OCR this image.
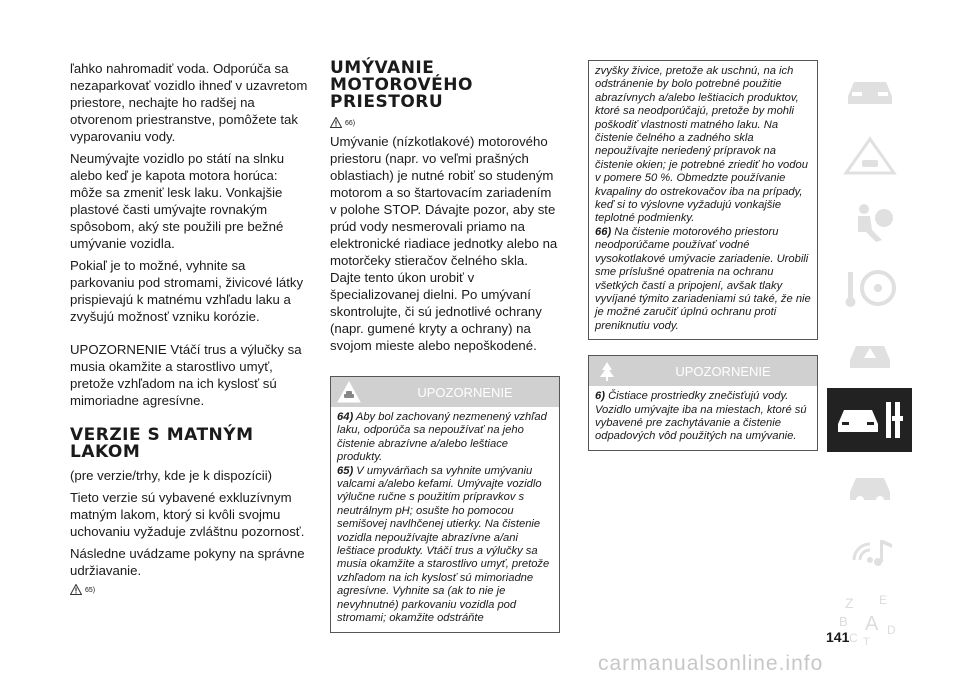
ľahko nahromadiť voda. Odporúča sa nezaparkovať vozidlo ihneď v uzavretom priestore, nechajte ho radšej na otvorenom priestranstve, pomôžete tak vyparovaniu vody.

Neumývajte vozidlo po státí na slnku alebo keď je kapota motora horúca: môže sa zmeniť lesk laku. Vonkajšie plastové časti umývajte rovnakým spôsobom, aký ste použili pre bežné umývanie vozidla.

Pokiaľ je to možné, vyhnite sa parkovaniu pod stromami, živicové látky prispievajú k matnému vzhľadu laku a zvyšujú možnosť vzniku korózie.

UPOZORNENIE Vtáčí trus a výlučky sa musia okamžite a starostlivo umyť, pretože vzhľadom na ich kyslosť sú mimoriadne agresívne.

VERZIE S MATNÝM LAKOM

(pre verzie/trhy, kde je k dispozícii)

Tieto verzie sú vybavené exkluzívnym matným lakom, ktorý si kvôli svojmu uchovaniu vyžaduje zvláštnu pozornosť.

Následne uvádzame pokyny na správne udržiavanie.

65)
UMÝVANIE MOTOROVÉHO PRIESTORU
66)

Umývanie (nízkotlakové) motorového priestoru (napr. vo veľmi prašných oblastiach) je nutné robiť so studeným motorom a so štartovacím zariadením v polohe STOP. Dávajte pozor, aby ste prúd vody nesmerovali priamo na elektronické riadiace jednotky alebo na motorčeky stieračov čelného skla. Dajte tento úkon urobiť v špecializovanej dielni. Po umývaní skontrolujte, či sú jednotlivé ochrany (napr. gumené kryty a ochrany) na svojom mieste alebo nepoškodené.

UPOZORNENIE
64) Aby bol zachovaný nezmenený vzhľad laku, odporúča sa nepoužívať na jeho čistenie abrazívne a/alebo leštiace produkty.
65) V umyvárňach sa vyhnite umývaniu valcami a/alebo kefami. Umývajte vozidlo výlučne ručne s použitím prípravkov s neutrálnym pH; osušte ho pomocou semišovej navlhčenej utierky. Na čistenie vozidla nepoužívajte abrazívne a/ani leštiace produkty. Vtáčí trus a výlučky sa musia okamžite a starostlivo umyť, pretože vzhľadom na ich kyslosť sú mimoriadne agresívne. Vyhnite sa (ak to nie je nevyhnutné) parkovaniu vozidla pod stromami; okamžite odstráňte
zvyšky živice, pretože ak uschnú, na ich odstránenie by bolo potrebné použitie abrazívnych a/alebo leštiacich produktov, ktoré sa neodporúčajú, pretože by mohli poškodiť vlastnosti matného laku. Na čistenie čelného a zadného skla nepoužívajte neriedený prípravok na čistenie okien; je potrebné zriediť ho vodou v pomere 50 %. Obmedzte používanie kvapaliny do ostrekovačov iba na prípady, keď si to výslovne vyžadujú vonkajšie teplotné podmienky.
66) Na čistenie motorového priestoru neodporúčame používať vodné vysokotlakové umývacie zariadenie. Urobili sme príslušné opatrenia na ochranu všetkých častí a pripojení, avšak tlaky vyvíjané týmito zariadeniami sú také, že nie je možné zaručiť úplnú ochranu proti preniknutiu vody.
UPOZORNENIE
6) Čistiace prostriedky znečisťujú vody. Vozidlo umývajte iba na miestach, ktoré sú vybavené pre zachytávanie a čistenie odpadových vôd použitých na umývanie.
Z E
B A
C T
D
141
carmanualsonline.info
